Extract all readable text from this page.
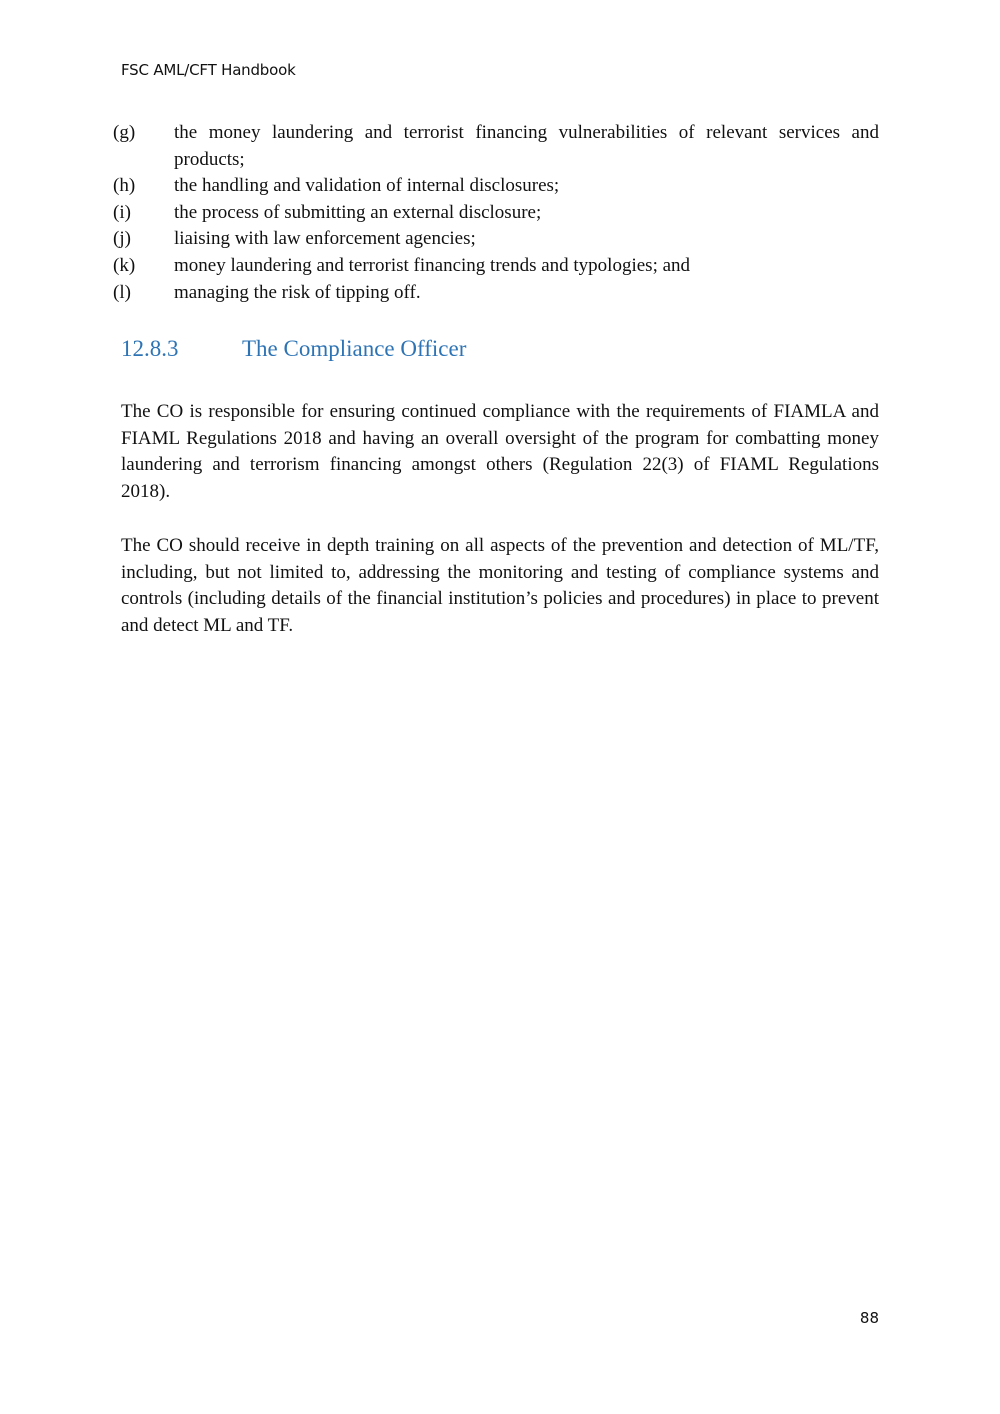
FSC AML/CFT Handbook
(g)	the money laundering and terrorist financing vulnerabilities of relevant services and products;
(h)	the handling and validation of internal disclosures;
(i)	the process of submitting an external disclosure;
(j)	liaising with law enforcement agencies;
(k)	money laundering and terrorist financing trends and typologies; and
(l)	managing the risk of tipping off.
12.8.3	The Compliance Officer

The CO is responsible for ensuring continued compliance with the requirements of FIAMLA and FIAML Regulations 2018 and having an overall oversight of the program for combatting money laundering and terrorism financing amongst others (Regulation 22(3) of FIAML Regulations 2018).

The CO should receive in depth training on all aspects of the prevention and detection of ML/TF, including, but not limited to, addressing the monitoring and testing of compliance systems and controls (including details of the financial institution’s policies and procedures) in place to prevent and detect ML and TF.

88
